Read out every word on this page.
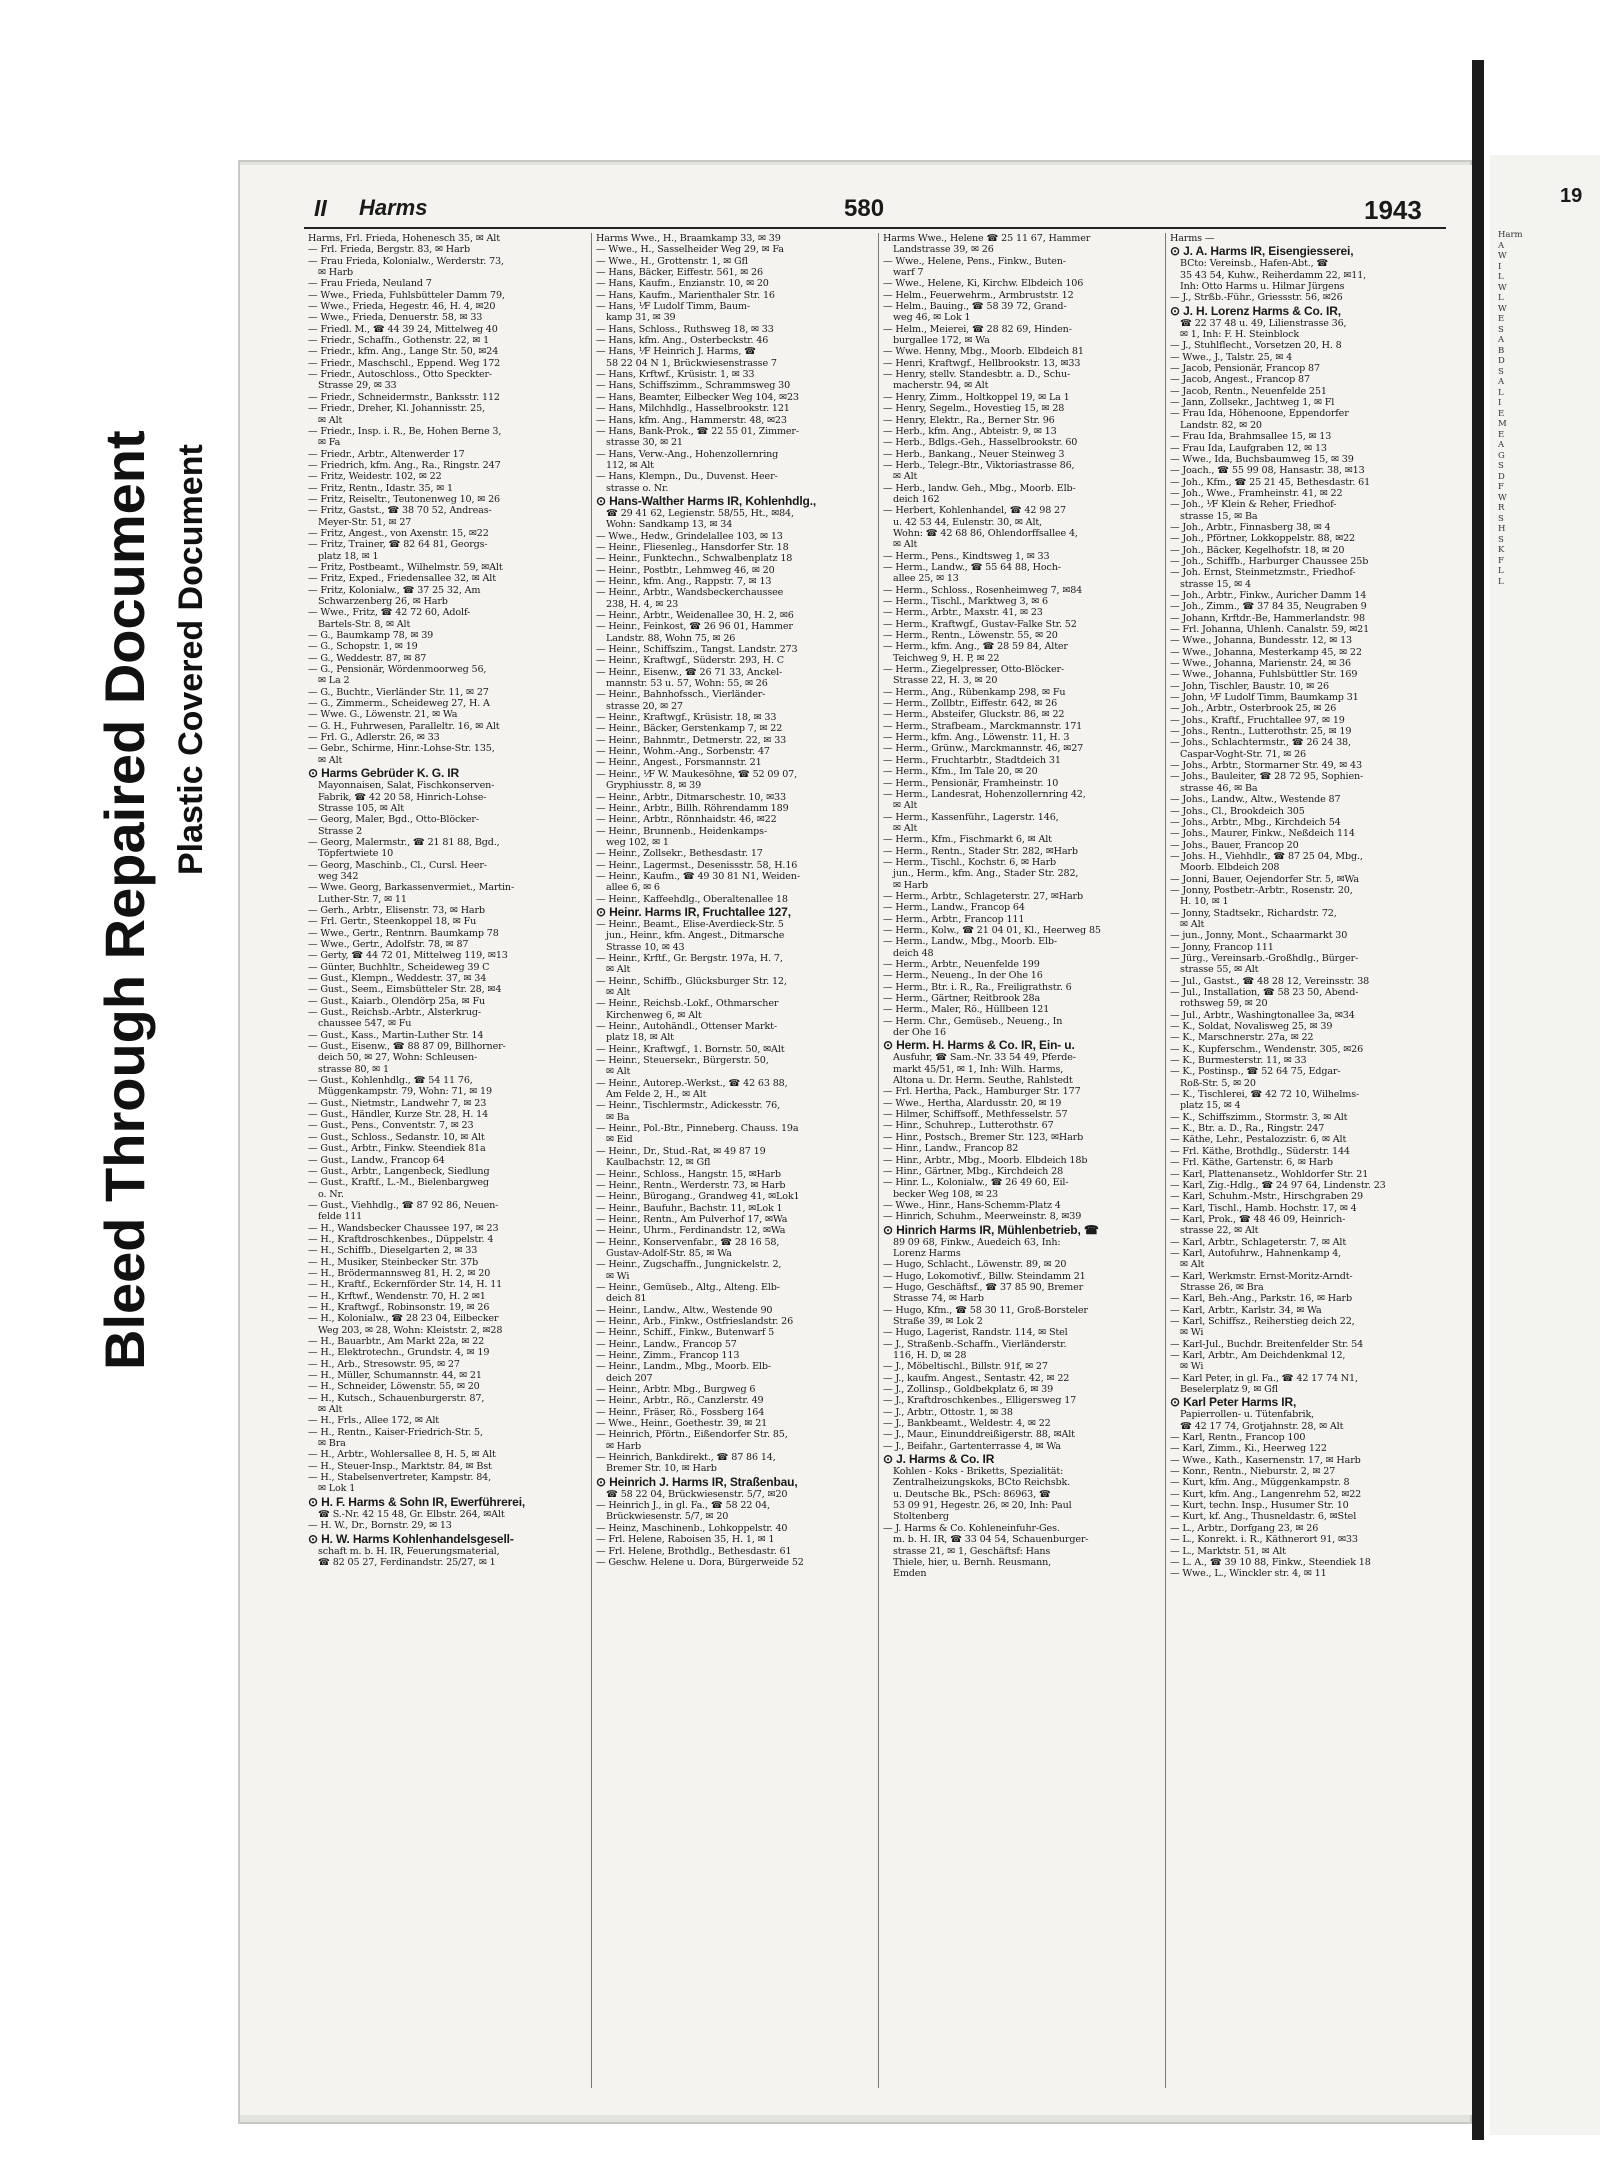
Bleed Through Repaired Document Plastic Covered Document
II Harms	580	1943
Harms, Frl. Frieda, Hohenesch 35, ✉ Alt
— Frl. Frieda, Bergstr. 83, ✉ Harb
— Frau Frieda, Kolonialw., Werderstr. 73,
✉ Harb
— Frau Frieda, Neuland 7
— Wwe., Frieda, Fuhlsbütteler Damm 79,
— Wwe., Frieda, Hegestr. 46, H. 4, ✉20
— Wwe., Frieda, Denuerstr. 58, ✉ 33
— Friedl. M., ☎ 44 39 24, Mittelweg 40
— Friedr., Schaffn., Gothenstr. 22, ✉ 1
— Friedr., kfm. Ang., Lange Str. 50, ✉24
— Friedr., Maschschl., Eppend. Weg 172
— Friedr., Autoschloss., Otto Speckter-
Strasse 29, ✉ 33
— Friedr., Schneidermstr., Banksstr. 112
— Friedr., Dreher, Kl. Johannisstr. 25,
✉ Alt
— Friedr., Insp. i. R., Be, Hohen Berne 3,
✉ Fa
— Friedr., Arbtr., Altenwerder 17
— Friedrich, kfm. Ang., Ra., Ringstr. 247
— Fritz, Weidestr. 102, ✉ 22
— Fritz, Rentn., Idastr. 35, ✉ 1
— Fritz, Reiseltr., Teutonenweg 10, ✉ 26
— Fritz, Gastst., ☎ 38 70 52, Andreas-
Meyer-Str. 51, ✉ 27
— Fritz, Angest., von Axenstr. 15, ✉22
— Fritz, Trainer, ☎ 82 64 81, Georgs-
platz 18, ✉ 1
— Fritz, Postbeamt., Wilhelmstr. 59, ✉Alt
— Fritz, Exped., Friedensallee 32, ✉ Alt
— Fritz, Kolonialw., ☎ 37 25 32, Am
Schwarzenberg 26, ✉ Harb
— Wwe., Fritz, ☎ 42 72 60, Adolf-
Bartels-Str. 8, ✉ Alt
— G., Baumkamp 78, ✉ 39
— G., Schopstr. 1, ✉ 19
— G., Weddestr. 87, ✉ 87
— G., Pensionär, Wördenmoorweg 56,
✉ La 2
— G., Buchtr., Vierländer Str. 11, ✉ 27
— G., Zimmerm., Scheideweg 27, H. A
— Wwe. G., Löwenstr. 21, ✉ Wa
— G. H., Fuhrwesen, Paralleltr. 16, ✉ Alt
— Frl. G., Adlerstr. 26, ✉ 33
— Gebr., Schirme, Hinr.-Lohse-Str. 135,
✉ Alt
⊙ Harms Gebrüder K. G. IR
Mayonnaisen, Salat, Fischkonserven-
Fabrik, ☎ 42 20 58, Hinrich-Lohse-
Strasse 105, ✉ Alt
— Georg, Maler, Bgd., Otto-Blöcker-
Strasse 2
— Georg, Malermstr., ☎ 21 81 88, Bgd.,
Töpfertwiete 10
— Georg, Maschinb., Cl., Cursl. Heer-
weg 342
— Wwe. Georg, Barkassenvermiet., Martin-
Luther-Str. 7, ✉ 11
— Gerh., Arbtr., Elisenstr. 73, ✉ Harb
— Frl. Gertr., Steenkoppel 18, ✉ Fu
— Wwe., Gertr., Rentnrn. Baumkamp 78
— Wwe., Gertr., Adolfstr. 78, ✉ 87
— Gerty, ☎ 44 72 01, Mittelweg 119, ✉13
— Günter, Buchhltr., Scheideweg 39 C
— Gust., Klempn., Weddestr. 37, ✉ 34
— Gust., Seem., Eimsbütteler Str. 28, ✉4
— Gust., Kaiarb., Olendörp 25a, ✉ Fu
— Gust., Reichsb.-Arbtr., Alsterkrug-
chaussee 547, ✉ Fu
— Gust., Kass., Martin-Luther Str. 14
— Gust., Eisenw., ☎ 88 87 09, Billhorner-
deich 50, ✉ 27, Wohn: Schleusen-
strasse 80, ✉ 1
— Gust., Kohlenhdlg., ☎ 54 11 76,
Müggenkampstr. 79, Wohn: 71, ✉ 19
— Gust., Nietmstr., Landwehr 7, ✉ 23
— Gust., Händler, Kurze Str. 28, H. 14
— Gust., Pens., Conventstr. 7, ✉ 23
— Gust., Schloss., Sedanstr. 10, ✉ Alt
— Gust., Arbtr., Finkw. Steendiek 81a
— Gust., Landw., Francop 64
— Gust., Arbtr., Langenbeck, Siedlung
— Gust., Kraftf., L.-M., Bielenbargweg
o. Nr.
— Gust., Viehhdlg., ☎ 87 92 86, Neuen-
felde 111
— H., Wandsbecker Chaussee 197, ✉ 23
— H., Kraftdroschkenbes., Düppelstr. 4
— H., Schiffb., Dieselgarten 2, ✉ 33
— H., Musiker, Steinbecker Str. 37b
— H., Brödermannsweg 81, H. 2, ✉ 20
— H., Kraftf., Eckernförder Str. 14, H. 11
— H., Krftwf., Wendenstr. 70, H. 2 ✉1
— H., Kraftwgf., Robinsonstr. 19, ✉ 26
— H., Kolonialw., ☎ 28 23 04, Eilbecker
Weg 203, ✉ 28, Wohn: Kleiststr. 2, ✉28
— H., Bauarbtr., Am Markt 22a, ✉ 22
— H., Elektrotechn., Grundstr. 4, ✉ 19
— H., Arb., Stresowstr. 95, ✉ 27
— H., Müller, Schumannstr. 44, ✉ 21
— H., Schneider, Löwenstr. 55, ✉ 20
— H., Kutsch., Schauenburgerstr. 87,
✉ Alt
— H., Frls., Allee 172, ✉ Alt
— H., Rentn., Kaiser-Friedrich-Str. 5,
✉ Bra
— H., Arbtr., Wohlersallee 8, H. 5, ✉ Alt
— H., Steuer-Insp., Marktstr. 84, ✉ Bst
— H., Stabelsenvertreter, Kampstr. 84,
✉ Lok 1
⊙ H. F. Harms & Sohn IR, Ewerführerei,
☎ S.-Nr. 42 15 48, Gr. Elbstr. 264, ✉Alt
— H. W., Dr., Bornstr. 29, ✉ 13
⊙ H. W. Harms Kohlenhandelsgesell-
schaft m. b. H. IR, Feuerungsmaterial,
☎ 82 05 27, Ferdinandstr. 25/27, ✉ 1
Harms Wwe., H., Braamkamp 33, ✉ 39
— Wwe., H., Sasselheider Weg 29, ✉ Fa
— Wwe., H., Grottenstr. 1, ✉ Gfl
— Hans, Bäcker, Eiffestr. 561, ✉ 26
— Hans, Kaufm., Enzianstr. 10, ✉ 20
— Hans, Kaufm., Marienthaler Str. 16
— Hans, ⅟F Ludolf Timm, Baum-
kamp 31, ✉ 39
— Hans, Schloss., Ruthsweg 18, ✉ 33
— Hans, kfm. Ang., Osterbeckstr. 46
— Hans, ⅟F Heinrich J. Harms, ☎
58 22 04 N 1, Brückwiesenstrasse 7
— Hans, Krftwf., Krüsistr. 1, ✉ 33
— Hans, Schiffszimm., Schrammsweg 30
— Hans, Beamter, Eilbecker Weg 104, ✉23
— Hans, Milchhdlg., Hasselbrookstr. 121
— Hans, kfm. Ang., Hammerstr. 48, ✉23
— Hans, Bank-Prok., ☎ 22 55 01, Zimmer-
strasse 30, ✉ 21
— Hans, Verw.-Ang., Hohenzollernring
112, ✉ Alt
— Hans, Klempn., Du., Duvenst. Heer-
strasse o. Nr.
⊙ Hans-Walther Harms IR, Kohlenhdlg.,
☎ 29 41 62, Legienstr. 58/55, Ht., ✉84,
Wohn: Sandkamp 13, ✉ 34
— Wwe., Hedw., Grindelallee 103, ✉ 13
— Heinr., Fliesenleg., Hansdorfer Str. 18
— Heinr., Funktechn., Schwalbenplatz 18
— Heinr., Postbtr., Lehmweg 46, ✉ 20
— Heinr., kfm. Ang., Rappstr. 7, ✉ 13
— Heinr., Arbtr., Wandsbeckerchaussee
238, H. 4, ✉ 23
— Heinr., Arbtr., Weidenallee 30, H. 2, ✉6
— Heinr., Feinkost, ☎ 26 96 01, Hammer
Landstr. 88, Wohn 75, ✉ 26
— Heinr., Schiffszim., Tangst. Landstr. 273
— Heinr., Kraftwgf., Süderstr. 293, H. C
— Heinr., Eisenw., ☎ 26 71 33, Anckel-
mannstr. 53 u. 57, Wohn: 55, ✉ 26
— Heinr., Bahnhofssch., Vierländer-
strasse 20, ✉ 27
— Heinr., Kraftwgf., Krüsistr. 18, ✉ 33
— Heinr., Bäcker, Gerstenkamp 7, ✉ 22
— Heinr., Bahnmtr., Detmerstr. 22, ✉ 33
— Heinr., Wohm.-Ang., Sorbenstr. 47
— Heinr., Angest., Forsmannstr. 21
— Heinr., ⅟F W. Maukesöhne, ☎ 52 09 07,
Gryphiusstr. 8, ✉ 39
— Heinr., Arbtr., Ditmarschestr. 10, ✉33
— Heinr., Arbtr., Billh. Röhrendamm 189
— Heinr., Arbtr., Rönnhaidstr. 46, ✉22
— Heinr., Brunnenb., Heidenkamps-
weg 102, ✉ 1
— Heinr., Zollsekr., Bethesdastr. 17
— Heinr., Lagermst., Desenissstr. 58, H.16
— Heinr., Kaufm., ☎ 49 30 81 N1, Weiden-
allee 6, ✉ 6
— Heinr., Kaffeehdlg., Oberaltenallee 18
⊙ Heinr. Harms IR, Fruchtallee 127,
— Heinr., Beamt., Elise-Averdieck-Str. 5
jun., Heinr., kfm. Angest., Ditmarsche
Strasse 10, ✉ 43
— Heinr., Krftf., Gr. Bergstr. 197a, H. 7,
✉ Alt
— Heinr., Schiffb., Glücksburger Str. 12,
✉ Alt
— Heinr., Reichsb.-Lokf., Othmarscher
Kirchenweg 6, ✉ Alt
— Heinr., Autohändl., Ottenser Markt-
platz 18, ✉ Alt
— Heinr., Kraftwgf., 1. Bornstr. 50, ✉Alt
— Heinr., Steuersekr., Bürgerstr. 50,
✉ Alt
— Heinr., Autorep.-Werkst., ☎ 42 63 88,
Am Felde 2, H., ✉ Alt
— Heinr., Tischlermstr., Adickesstr. 76,
✉ Ba
— Heinr., Pol.-Btr., Pinneberg. Chauss. 19a
✉ Eid
— Heinr., Dr., Stud.-Rat, ✉ 49 87 19
Kaulbachstr. 12, ✉ Gfl
— Heinr., Schloss., Hangstr. 15, ✉Harb
— Heinr., Rentn., Werderstr. 73, ✉ Harb
— Heinr., Bürogang., Grandweg 41, ✉Lok1
— Heinr., Baufuhr., Bachstr. 11, ✉Lok 1
— Heinr., Rentn., Am Pulverhof 17, ✉Wa
— Heinr., Uhrm., Ferdinandstr. 12, ✉Wa
— Heinr., Konservenfabr., ☎ 28 16 58,
Gustav-Adolf-Str. 85, ✉ Wa
— Heinr., Zugschaffn., Jungnickelstr. 2,
✉ Wi
— Heinr., Gemüseb., Altg., Alteng. Elb-
deich 81
— Heinr., Landw., Altw., Westende 90
— Heinr., Arb., Finkw., Ostfrieslandstr. 26
— Heinr., Schiff., Finkw., Butenwarf 5
— Heinr., Landw., Francop 57
— Heinr., Zimm., Francop 113
— Heinr., Landm., Mbg., Moorb. Elb-
deich 207
— Heinr., Arbtr. Mbg., Burgweg 6
— Heinr., Arbtr., Rö., Canzlerstr. 49
— Heinr., Fräser, Rö., Fossberg 164
— Wwe., Heinr., Goethestr. 39, ✉ 21
— Heinrich, Pförtn., Eißendorfer Str. 85,
✉ Harb
— Heinrich, Bankdirekt., ☎ 87 86 14,
Bremer Str. 10, ✉ Harb
⊙ Heinrich J. Harms IR, Straßenbau,
☎ 58 22 04, Brückwiesenstr. 5/7, ✉20
— Heinrich J., in gl. Fa., ☎ 58 22 04,
Brückwiesenstr. 5/7, ✉ 20
— Heinz, Maschinenb., Lohkoppelstr. 40
— Frl. Helene, Raboisen 35, H. 1, ✉ 1
— Frl. Helene, Brothdlg., Bethesdastr. 61
— Geschw. Helene u. Dora, Bürgerweide 52
Harms Wwe., Helene ☎ 25 11 67, Hammer
Landstrasse 39, ✉ 26
— Wwe., Helene, Pens., Finkw., Buten-
warf 7
— Wwe., Helene, Ki, Kirchw. Elbdeich 106
— Helm., Feuerwehrm., Armbruststr. 12
— Helm., Bauing., ☎ 58 39 72, Grand-
weg 46, ✉ Lok 1
— Helm., Meierei, ☎ 28 82 69, Hinden-
burgallee 172, ✉ Wa
— Wwe. Henny, Mbg., Moorb. Elbdeich 81
— Henri, Kraftwgf., Hellbrookstr. 13, ✉33
— Henry, stellv. Standesbtr. a. D., Schu-
macherstr. 94, ✉ Alt
— Henry, Zimm., Holtkoppel 19, ✉ La 1
— Henry, Segelm., Hovestieg 15, ✉ 28
— Henry, Elektr., Ra., Berner Str. 96
— Herb., kfm. Ang., Abteistr. 9, ✉ 13
— Herb., Bdlgs.-Geh., Hasselbrookstr. 60
— Herb., Bankang., Neuer Steinweg 3
— Herb., Telegr.-Btr., Viktoriastrasse 86,
✉ Alt
— Herb., landw. Geh., Mbg., Moorb. Elb-
deich 162
— Herbert, Kohlenhandel, ☎ 42 98 27
u. 42 53 44, Eulenstr. 30, ✉ Alt,
Wohn: ☎ 42 68 86, Ohlendorffsallee 4,
✉ Alt
— Herm., Pens., Kindtsweg 1, ✉ 33
— Herm., Landw., ☎ 55 64 88, Hoch-
allee 25, ✉ 13
— Herm., Schloss., Rosenheimweg 7, ✉84
— Herm., Tischl., Marktweg 3, ✉ 6
— Herm., Arbtr., Maxstr. 41, ✉ 23
— Herm., Kraftwgf., Gustav-Falke Str. 52
— Herm., Rentn., Löwenstr. 55, ✉ 20
— Herm., kfm. Ang., ☎ 28 59 84, Alter
Teichweg 9, H. P, ✉ 22
— Herm., Ziegelpresser, Otto-Blöcker-
Strasse 22, H. 3, ✉ 20
— Herm., Ang., Rübenkamp 298, ✉ Fu
— Herm., Zollbtr., Eiffestr. 642, ✉ 26
— Herm., Absteifer, Gluckstr. 86, ✉ 22
— Herm., Strafbeam., Marckmannstr. 171
— Herm., kfm. Ang., Löwenstr. 11, H. 3
— Herm., Grünw., Marckmannstr. 46, ✉27
— Herm., Fruchtarbtr., Stadtdeich 31
— Herm., Kfm., Im Tale 20, ✉ 20
— Herm., Pensionär, Framheinstr. 10
— Herm., Landesrat, Hohenzollernring 42,
✉ Alt
— Herm., Kassenführ., Lagerstr. 146,
✉ Alt
— Herm., Kfm., Fischmarkt 6, ✉ Alt
— Herm., Rentn., Stader Str. 282, ✉Harb
— Herm., Tischl., Kochstr. 6, ✉ Harb
jun., Herm., kfm. Ang., Stader Str. 282,
✉ Harb
— Herm., Arbtr., Schlageterstr. 27, ✉Harb
— Herm., Landw., Francop 64
— Herm., Arbtr., Francop 111
— Herm., Kolw., ☎ 21 04 01, Kl., Heerweg 85
— Herm., Landw., Mbg., Moorb. Elb-
deich 48
— Herm., Arbtr., Neuenfelde 199
— Herm., Neueng., In der Ohe 16
— Herm., Btr. i. R., Ra., Freiligrathstr. 6
— Herm., Gärtner, Reitbrook 28a
— Herm., Maler, Rö., Hüllbeen 121
— Herm. Chr., Gemüseb., Neueng., In
der Ohe 16
⊙ Herm. H. Harms & Co. IR, Ein- u.
Ausfuhr, ☎ Sam.-Nr. 33 54 49, Pferde-
markt 45/51, ✉ 1, Inh: Wilh. Harms,
Altona u. Dr. Herm. Seuthe, Rahlstedt
— Frl. Hertha, Pack., Hamburger Str. 177
— Wwe., Hertha, Alardusstr. 20, ✉ 19
— Hilmer, Schiffsoff., Methfesselstr. 57
— Hinr., Schuhrep., Lutterothstr. 67
— Hinr., Postsch., Bremer Str. 123, ✉Harb
— Hinr., Landw., Francop 82
— Hinr., Arbtr., Mbg., Moorb. Elbdeich 18b
— Hinr., Gärtner, Mbg., Kirchdeich 28
— Hinr. L., Kolonialw., ☎ 26 49 60, Eil-
becker Weg 108, ✉ 23
— Wwe., Hinr., Hans-Schemm-Platz 4
— Hinrich, Schuhm., Meerweinstr. 8, ✉39
⊙ Hinrich Harms IR, Mühlenbetrieb, ☎
89 09 68, Finkw., Auedeich 63, Inh:
Lorenz Harms
— Hugo, Schlacht., Löwenstr. 89, ✉ 20
— Hugo, Lokomotivf., Billw. Steindamm 21
— Hugo, Geschäftsf., ☎ 37 85 90, Bremer
Strasse 74, ✉ Harb
— Hugo, Kfm., ☎ 58 30 11, Groß-Borsteler
Straße 39, ✉ Lok 2
— Hugo, Lagerist, Randstr. 114, ✉ Stel
— J., Straßenb.-Schaffn., Vierländerstr.
116, H. D, ✉ 28
— J., Möbeltischl., Billstr. 91f, ✉ 27
— J., kaufm. Angest., Sentastr. 42, ✉ 22
— J., Zollinsp., Goldbekplatz 6, ✉ 39
— J., Kraftdroschkenbes., Elligersweg 17
— J., Arbtr., Ottostr. 1, ✉ 38
— J., Bankbeamt., Weldestr. 4, ✉ 22
— J., Maur., Einunddreißigerstr. 88, ✉Alt
— J., Beifahr., Gartenterrasse 4, ✉ Wa
⊙ J. Harms & Co. IR
Kohlen - Koks - Briketts, Spezialität:
Zentralheizungskoks, BCto Reichsbk.
u. Deutsche Bk., PSch: 86963, ☎
53 09 91, Hegestr. 26, ✉ 20, Inh: Paul
Stoltenberg
— J. Harms & Co. Kohleneinfuhr-Ges.
m. b. H. IR, ☎ 33 04 54, Schauenburger-
strasse 21, ✉ 1, Geschäftsf: Hans
Thiele, hier, u. Bernh. Reusmann,
Emden
Harms —
⊙ J. A. Harms IR, Eisengiesserei,
BCto: Vereinsb., Hafen-Abt., ☎
35 43 54, Kuhw., Reiherdamm 22, ✉11,
Inh: Otto Harms u. Hilmar Jürgens
— J., Strßb.-Führ., Griessstr. 56, ✉26
⊙ J. H. Lorenz Harms & Co. IR,
☎ 22 37 48 u. 49, Lilienstrasse 36,
✉ 1, Inh: F. H. Steinblock
— J., Stuhlflecht., Vorsetzen 20, H. 8
— Wwe., J., Talstr. 25, ✉ 4
— Jacob, Pensionär, Francop 87
— Jacob, Angest., Francop 87
— Jacob, Rentn., Neuenfelde 251
— Jann, Zollsekr., Jachtweg 1, ✉ Fl
— Frau Ida, Höhenoone, Eppendorfer
Landstr. 82, ✉ 20
— Frau Ida, Brahmsallee 15, ✉ 13
— Frau Ida, Laufgraben 12, ✉ 13
— Wwe., Ida, Buchsbaumweg 15, ✉ 39
— Joach., ☎ 55 99 08, Hansastr. 38, ✉13
— Joh., Kfm., ☎ 25 21 45, Bethesdastr. 61
— Joh., Wwe., Framheinstr. 41, ✉ 22
— Joh., ⅟F Klein & Reher, Friedhof-
strasse 15, ✉ Ba
— Joh., Arbtr., Finnasberg 38, ✉ 4
— Joh., Pförtner, Lokkoppelstr. 88, ✉22
— Joh., Bäcker, Kegelhofstr. 18, ✉ 20
— Joh., Schiffb., Harburger Chaussee 25b
— Joh. Ernst, Steinmetzmstr., Friedhof-
strasse 15, ✉ 4
— Joh., Arbtr., Finkw., Auricher Damm 14
— Joh., Zimm., ☎ 37 84 35, Neugraben 9
— Johann, Krftdr.-Be, Hammerlandstr. 98
— Frl. Johanna, Uhlenh. Canalstr. 59, ✉21
— Wwe., Johanna, Bundesstr. 12, ✉ 13
— Wwe., Johanna, Mesterkamp 45, ✉ 22
— Wwe., Johanna, Marienstr. 24, ✉ 36
— Wwe., Johanna, Fuhlsbüttler Str. 169
— John, Tischler, Baustr. 10, ✉ 26
— John, ⅟F Ludolf Timm, Baumkamp 31
— Joh., Arbtr., Osterbrook 25, ✉ 26
— Johs., Kraftf., Fruchtallee 97, ✉ 19
— Johs., Rentn., Lutterothstr. 25, ✉ 19
— Johs., Schlachtermstr., ☎ 26 24 38,
Caspar-Voght-Str. 71, ✉ 26
— Johs., Arbtr., Stormarner Str. 49, ✉ 43
— Johs., Bauleiter, ☎ 28 72 95, Sophien-
strasse 46, ✉ Ba
— Johs., Landw., Altw., Westende 87
— Johs., Cl., Brookdeich 305
— Johs., Arbtr., Mbg., Kirchdeich 54
— Johs., Maurer, Finkw., Neßdeich 114
— Johs., Bauer, Francop 20
— Johs. H., Viehhdlr., ☎ 87 25 04, Mbg.,
Moorb. Elbdeich 208
— Jonni, Bauer, Oejendorfer Str. 5, ✉Wa
— Jonny, Postbetr.-Arbtr., Rosenstr. 20,
H. 10, ✉ 1
— Jonny, Stadtsekr., Richardstr. 72,
✉ Alt
— jun., Jonny, Mont., Schaarmarkt 30
— Jonny, Francop 111
— Jürg., Vereinsarb.-Großhdlg., Bürger-
strasse 55, ✉ Alt
— Jul., Gastst., ☎ 48 28 12, Vereinsstr. 38
— Jul., Installation, ☎ 58 23 50, Abend-
rothsweg 59, ✉ 20
— Jul., Arbtr., Washingtonallee 3a, ✉34
— K., Soldat, Novalisweg 25, ✉ 39
— K., Marschnerstr. 27a, ✉ 22
— K., Kupferschm., Wendenstr. 305, ✉26
— K., Burmesterstr. 11, ✉ 33
— K., Postinsp., ☎ 52 64 75, Edgar-
Roß-Str. 5, ✉ 20
— K., Tischlerei, ☎ 42 72 10, Wilhelms-
platz 15, ✉ 4
— K., Schiffszimm., Stormstr. 3, ✉ Alt
— K., Btr. a. D., Ra., Ringstr. 247
— Käthe, Lehr., Pestalozzistr. 6, ✉ Alt
— Frl. Käthe, Brothdlg., Süderstr. 144
— Frl. Käthe, Gartenstr. 6, ✉ Harb
— Karl, Plattenansetz., Wohldorfer Str. 21
— Karl, Zig.-Hdlg., ☎ 24 97 64, Lindenstr. 23
— Karl, Schuhm.-Mstr., Hirschgraben 29
— Karl, Tischl., Hamb. Hochstr. 17, ✉ 4
— Karl, Prok., ☎ 48 46 09, Heinrich-
strasse 22, ✉ Alt
— Karl, Arbtr., Schlageterstr. 7, ✉ Alt
— Karl, Autofuhrw., Hahnenkamp 4,
✉ Alt
— Karl, Werkmstr. Ernst-Moritz-Arndt-
Strasse 26, ✉ Bra
— Karl, Beh.-Ang., Parkstr. 16, ✉ Harb
— Karl, Arbtr., Karlstr. 34, ✉ Wa
— Karl, Schiffsz., Reiherstieg deich 22,
✉ Wi
— Karl-Jul., Buchdr. Breitenfelder Str. 54
— Karl, Arbtr., Am Deichdenkmal 12,
✉ Wi
— Karl Peter, in gl. Fa., ☎ 42 17 74 N1,
Beselerplatz 9, ✉ Gfl
⊙ Karl Peter Harms IR,
Papierrollen- u. Tütenfabrik,
☎ 42 17 74, Grotjahnstr. 28, ✉ Alt
— Karl, Rentn., Francop 100
— Karl, Zimm., Ki., Heerweg 122
— Wwe., Kath., Kasernenstr. 17, ✉ Harb
— Konr., Rentn., Nieburstr. 2, ✉ 27
— Kurt, kfm. Ang., Müggenkampstr. 8
— Kurt, kfm. Ang., Langenrehm 52, ✉22
— Kurt, techn. Insp., Husumer Str. 10
— Kurt, kf. Ang., Thusneldastr. 6, ✉Stel
— L., Arbtr., Dorfgang 23, ✉ 26
— L., Konrekt. i. R., Käthnerort 91, ✉33
— L., Marktstr. 51, ✉ Alt
— L. A., ☎ 39 10 88, Finkw., Steendiek 18
— Wwe., L., Winckler str. 4, ✉ 11
19
Harm
A
W
I
L
W
L
W
E
S
A
B
D
S
A
L
I
E
M
E
A
G
S
D
F
W
R
S
H
S
K
F
L
L
